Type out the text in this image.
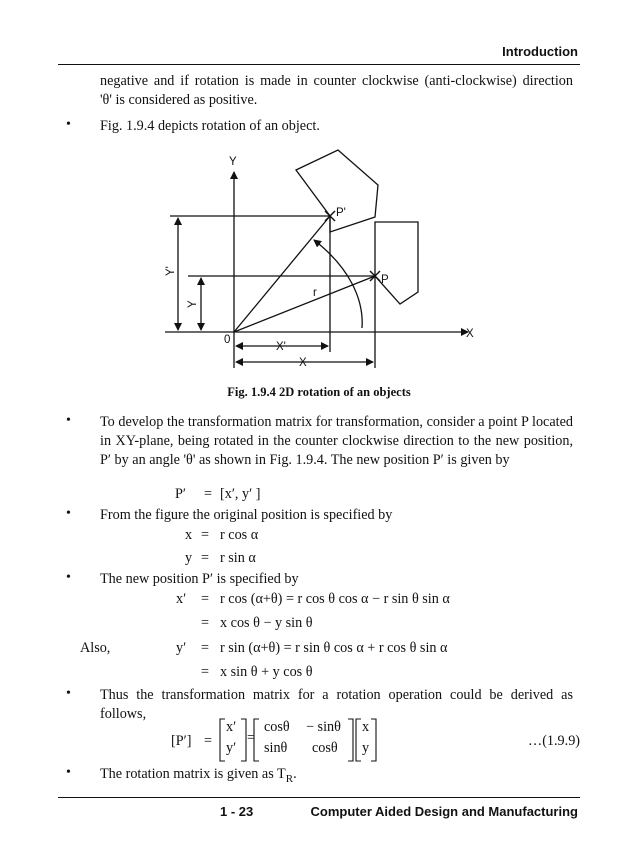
Introduction
negative and if rotation is made in counter clockwise (anti-clockwise) direction
'θ' is considered as positive.
• Fig. 1.9.4 depicts rotation of an object.
Y
X
0
P
P'
r
X'
X
Y'
Y
Fig. 1.9.4 2D rotation of an objects
• To develop the transformation matrix for transformation, consider a point P located in XY-plane, being rotated in the counter clockwise direction to the new position, P′ by an angle 'θ' as shown in Fig. 1.9.4. The new position P′ is given by
P′ = [x′, y′ ]
• From the figure the original position is specified by
x = r cos α
y = r sin α
• The new position P′ is specified by
x′ = r cos (α+θ) = r cos θ cos α − r sin θ sin α
= x cos θ − y sin θ
Also,	y′ = r sin (α+θ) = r sin θ cos α + r cos θ sin α
= x sin θ + y cos θ
• Thus the transformation matrix for a rotation operation could be derived as follows,
[P′] =
x′
y′
=
cosθ − sinθ
sinθ cosθ
x
y	…(1.9.9)
• The rotation matrix is given as $T_R$.
1 - 23	Computer Aided Design and Manufacturing
